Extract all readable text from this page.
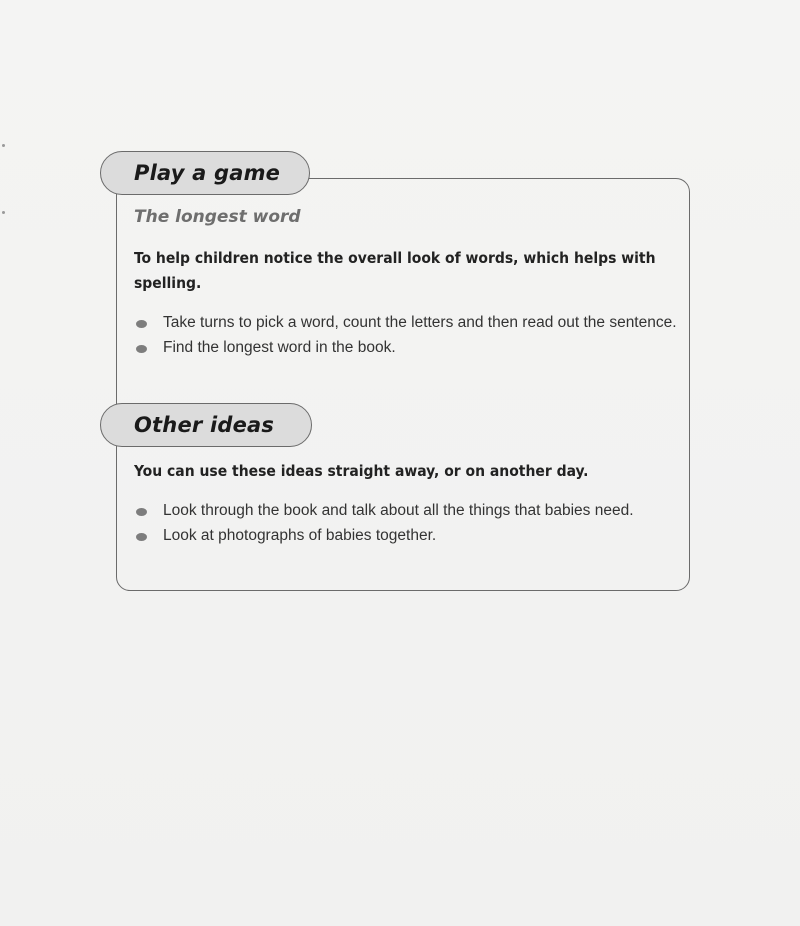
Play a game
The longest word
To help children notice the overall look of words, which helps with spelling.
Take turns to pick a word, count the letters and then read out the sentence.
Find the longest word in the book.
Other ideas
You can use these ideas straight away, or on another day.
Look through the book and talk about all the things that babies need.
Look at photographs of babies together.
